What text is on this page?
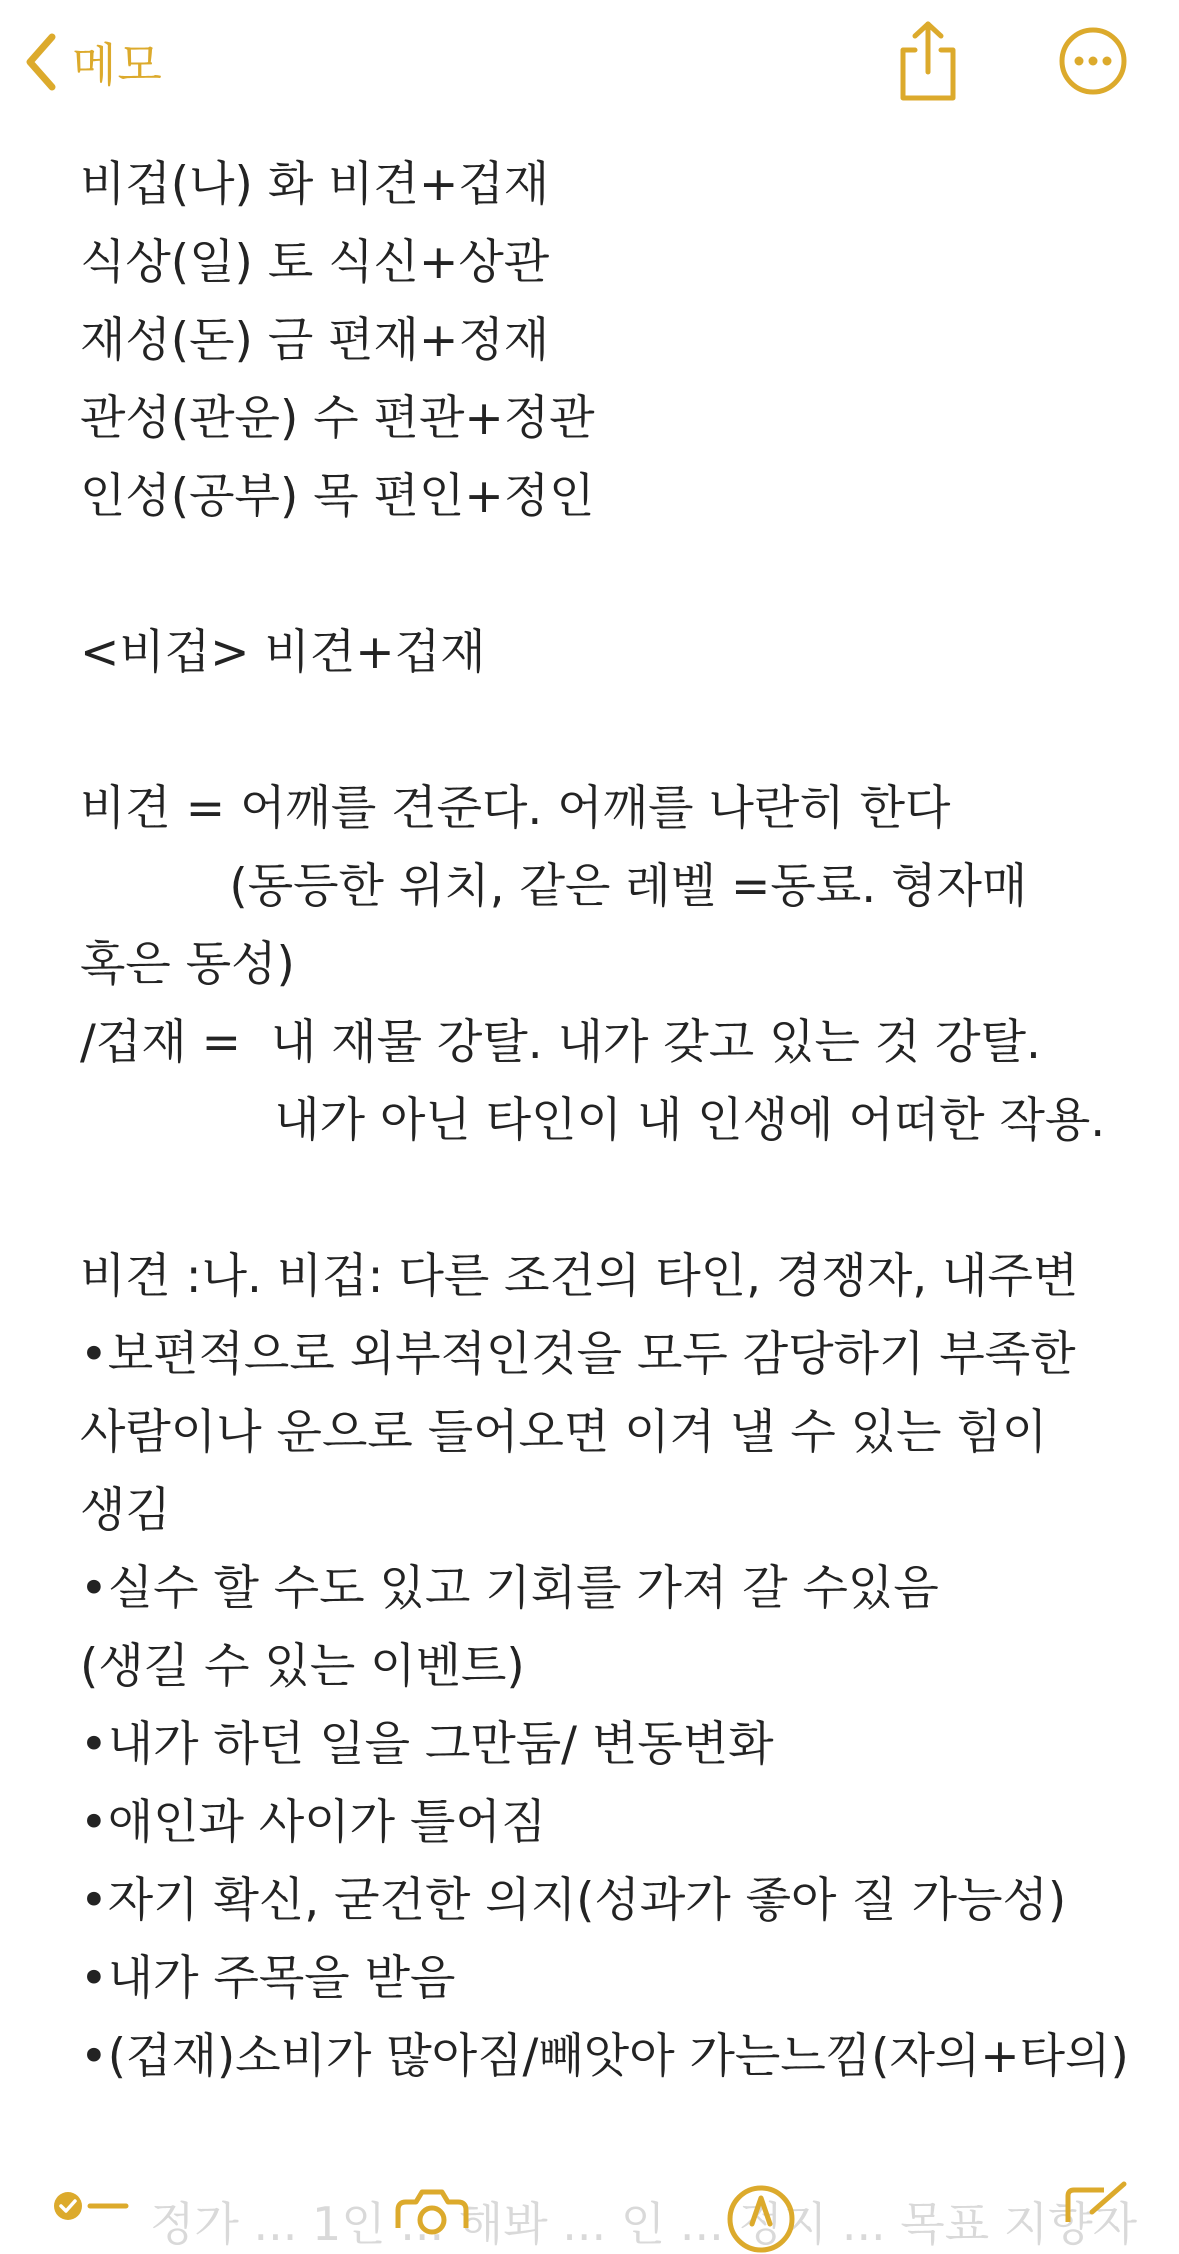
메모
비겁(나) 화 비견+겁재
식상(일) 토 식신+상관
재성(돈) 금 편재+정재
관성(관운) 수 편관+정관
인성(공부) 목 편인+정인
<비겁> 비견+겁재
비견 = 어깨를 견준다. 어깨를 나란히 한다
(동등한 위치, 같은 레벨 =동료. 형자매
혹은 동성)
/겁재 =  내 재물 강탈. 내가 갖고 있는 것 강탈.
내가 아닌 타인이 내 인생에 어떠한 작용.
비견 :나. 비겁: 다른 조건의 타인, 경쟁자, 내주변
•보편적으로 외부적인것을 모두 감당하기 부족한
사람이나 운으로 들어오면 이겨 낼 수 있는 힘이
생김
•실수 할 수도 있고 기회를 가져 갈 수있음
(생길 수 있는 이벤트)
•내가 하던 일을 그만둠/ 변동변화
•애인과 사이가 틀어짐
•자기 확신, 굳건한 의지(성과가 좋아 질 가능성)
•내가 주목을 받음
•(겁재)소비가 많아짐/빼앗아 가는느낌(자의+타의)
정가 ... 1인 ... 해봐 ... 인 ... 정지 ... 목표 지향자
